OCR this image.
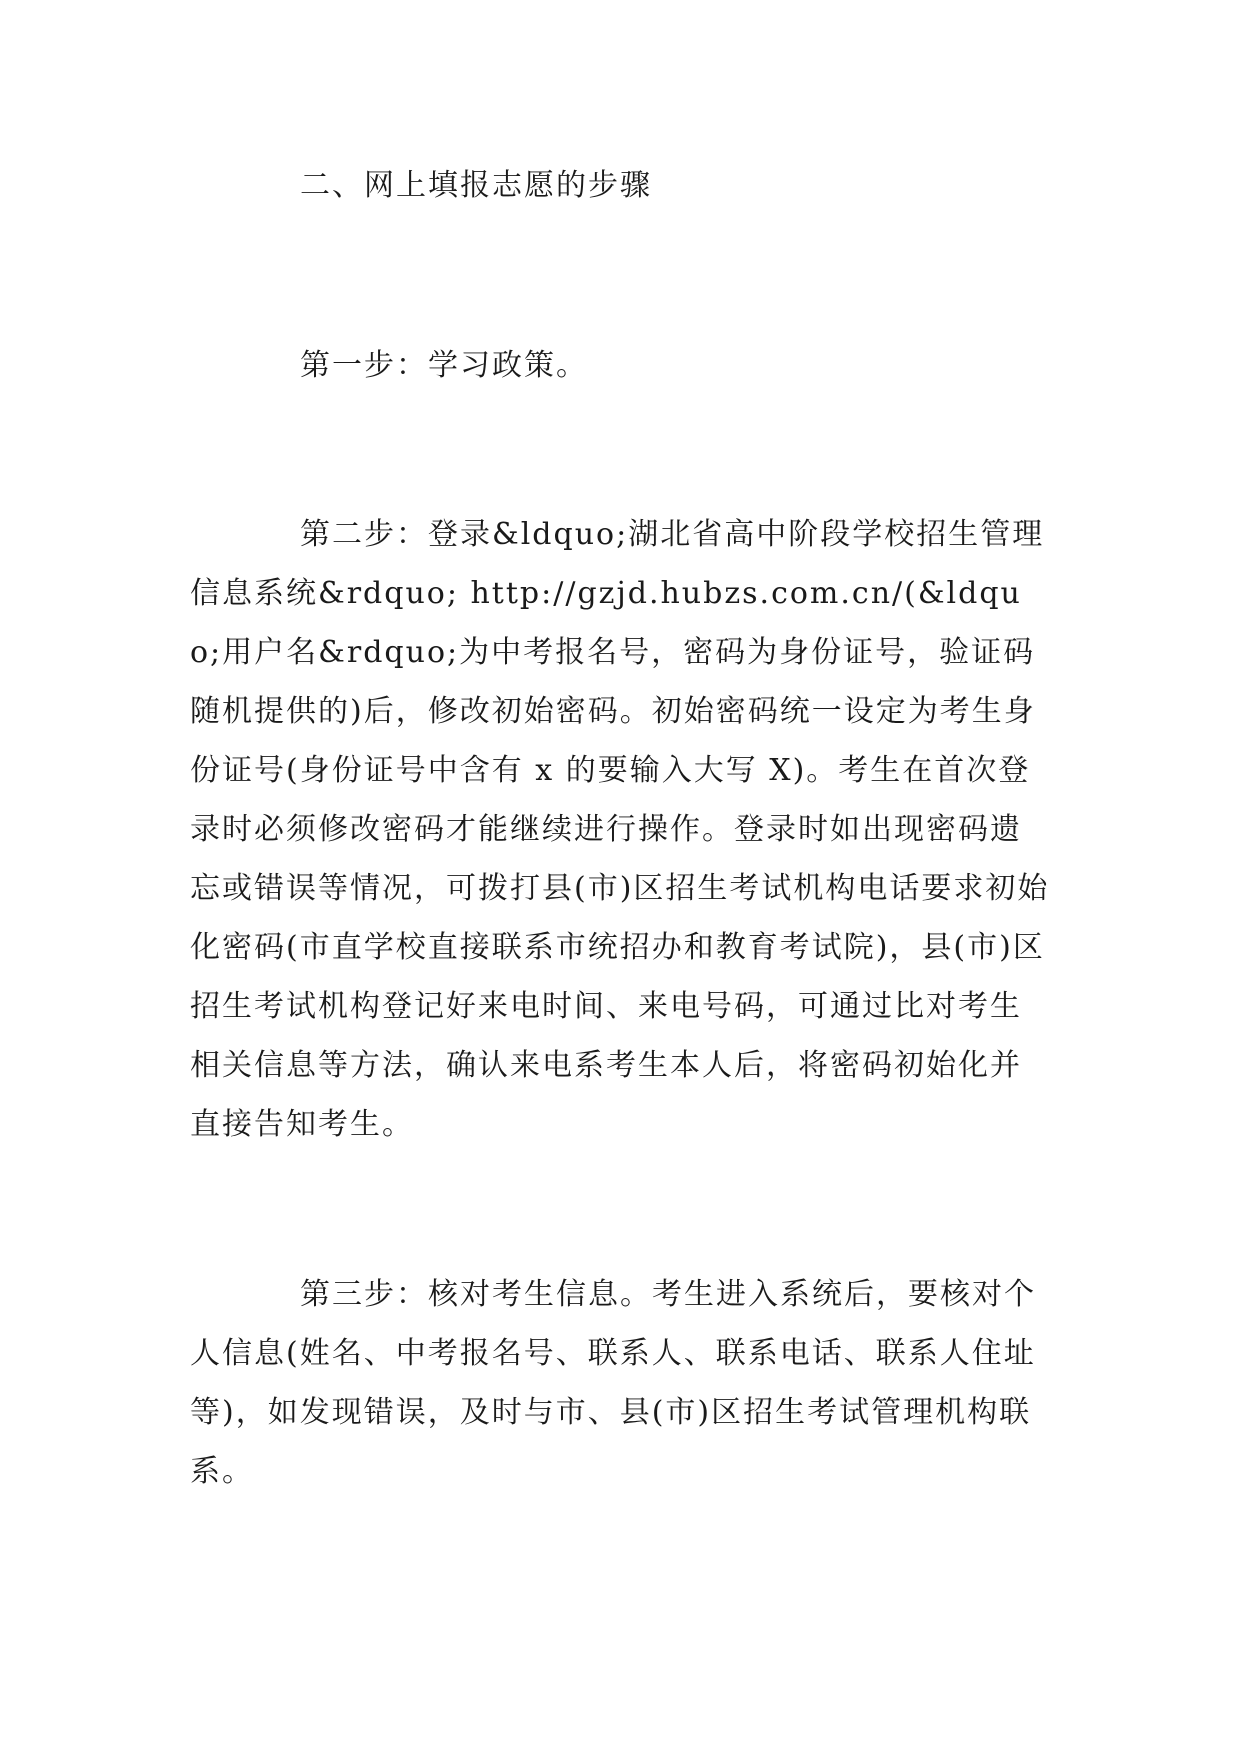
二、网上填报志愿的步骤

第一步：学习政策。

第二步：登录&ldquo;湖北省高中阶段学校招生管理信息系统&rdquo; http://gzjd.hubzs.com.cn/(&ldquo;用户名&rdquo;为中考报名号，密码为身份证号，验证码随机提供的)后，修改初始密码。初始密码统一设定为考生身份证号(身份证号中含有 x 的要输入大写 X)。考生在首次登录时必须修改密码才能继续进行操作。登录时如出现密码遗忘或错误等情况，可拨打县(市)区招生考试机构电话要求初始化密码(市直学校直接联系市统招办和教育考试院)，县(市)区招生考试机构登记好来电时间、来电号码，可通过比对考生相关信息等方法，确认来电系考生本人后，将密码初始化并直接告知考生。

第三步：核对考生信息。考生进入系统后，要核对个人信息(姓名、中考报名号、联系人、联系电话、联系人住址等)，如发现错误，及时与市、县(市)区招生考试管理机构联系。
